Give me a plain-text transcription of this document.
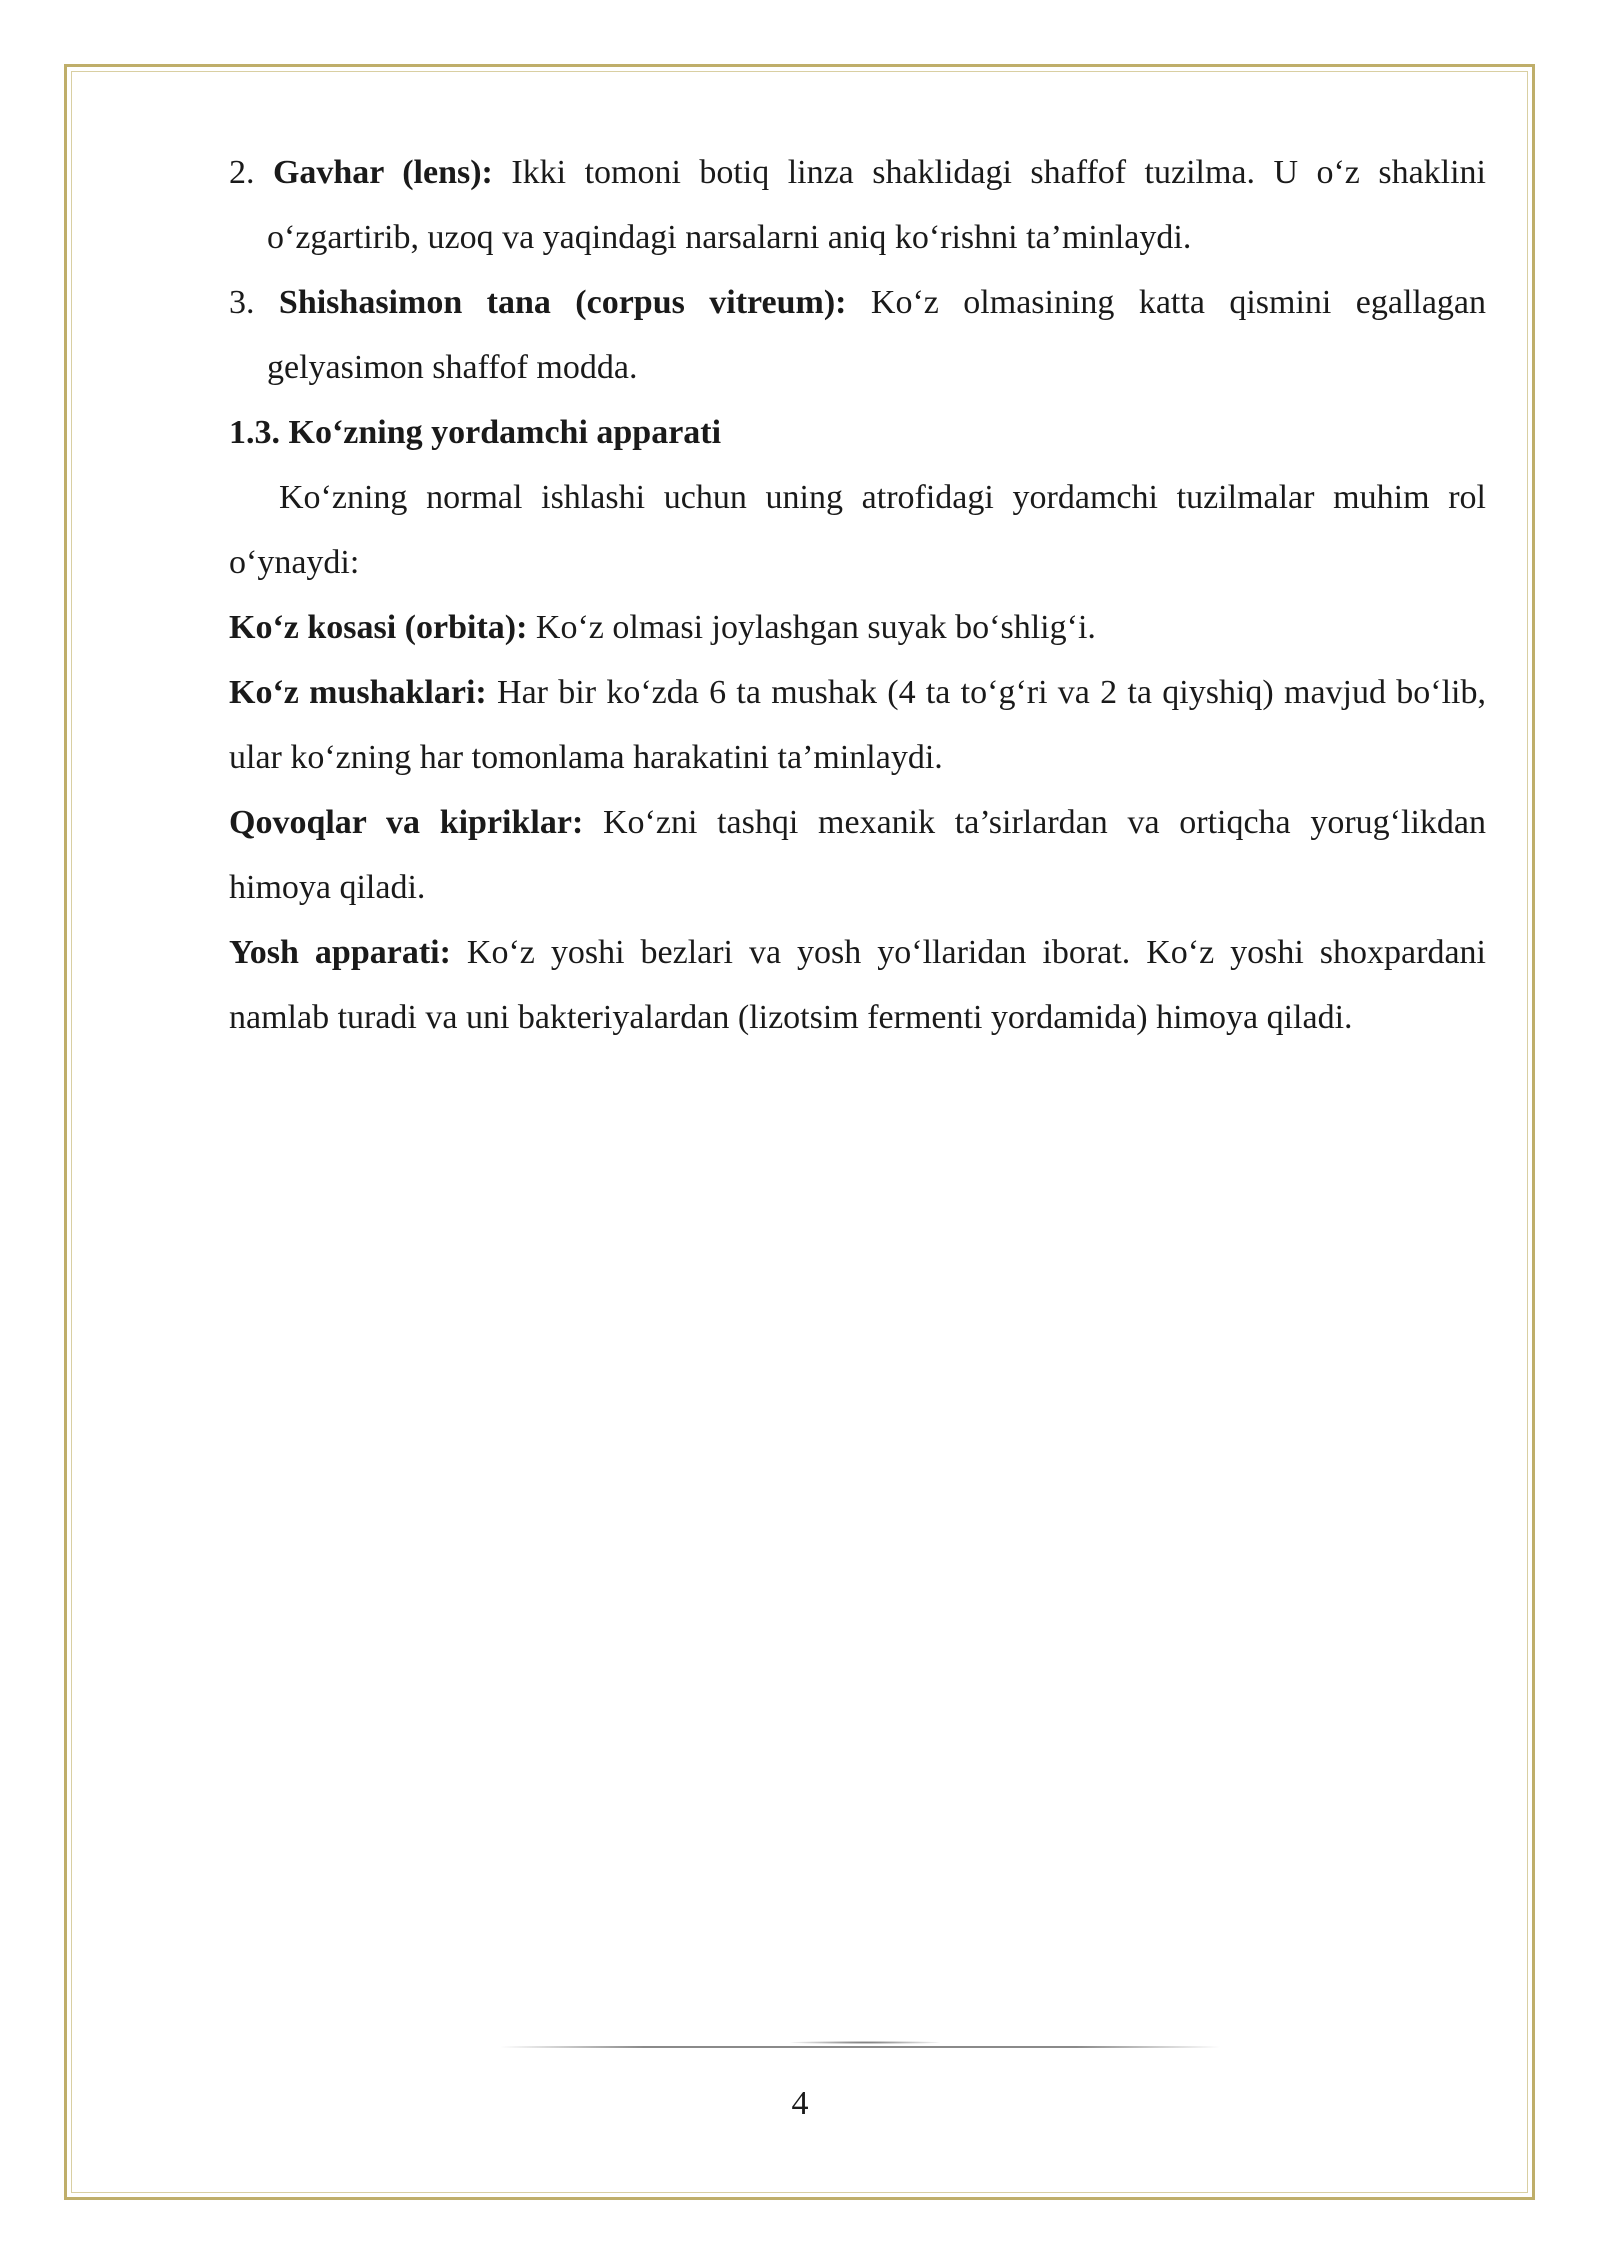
2. Gavhar (lens): Ikki tomoni botiq linza shaklidagi shaffof tuzilma. U o‘z shaklini o‘zgartirib, uzoq va yaqindagi narsalarni aniq ko‘rishni ta’minlaydi.

3. Shishasimon tana (corpus vitreum): Ko‘z olmasining katta qismini egallagan gelyasimon shaffof modda.

1.3. Ko‘zning yordamchi apparati

Ko‘zning normal ishlashi uchun uning atrofidagi yordamchi tuzilmalar muhim rol o‘ynaydi:

Ko‘z kosasi (orbita): Ko‘z olmasi joylashgan suyak bo‘shlig‘i.

Ko‘z mushaklari: Har bir ko‘zda 6 ta mushak (4 ta to‘g‘ri va 2 ta qiyshiq) mavjud bo‘lib, ular ko‘zning har tomonlama harakatini ta’minlaydi.

Qovoqlar va kipriklar: Ko‘zni tashqi mexanik ta’sirlardan va ortiqcha yorug‘likdan himoya qiladi.

Yosh apparati: Ko‘z yoshi bezlari va yosh yo‘llaridan iborat. Ko‘z yoshi shoxpardani namlab turadi va uni bakteriyalardan (lizotsim fermenti yordamida) himoya qiladi.

4
